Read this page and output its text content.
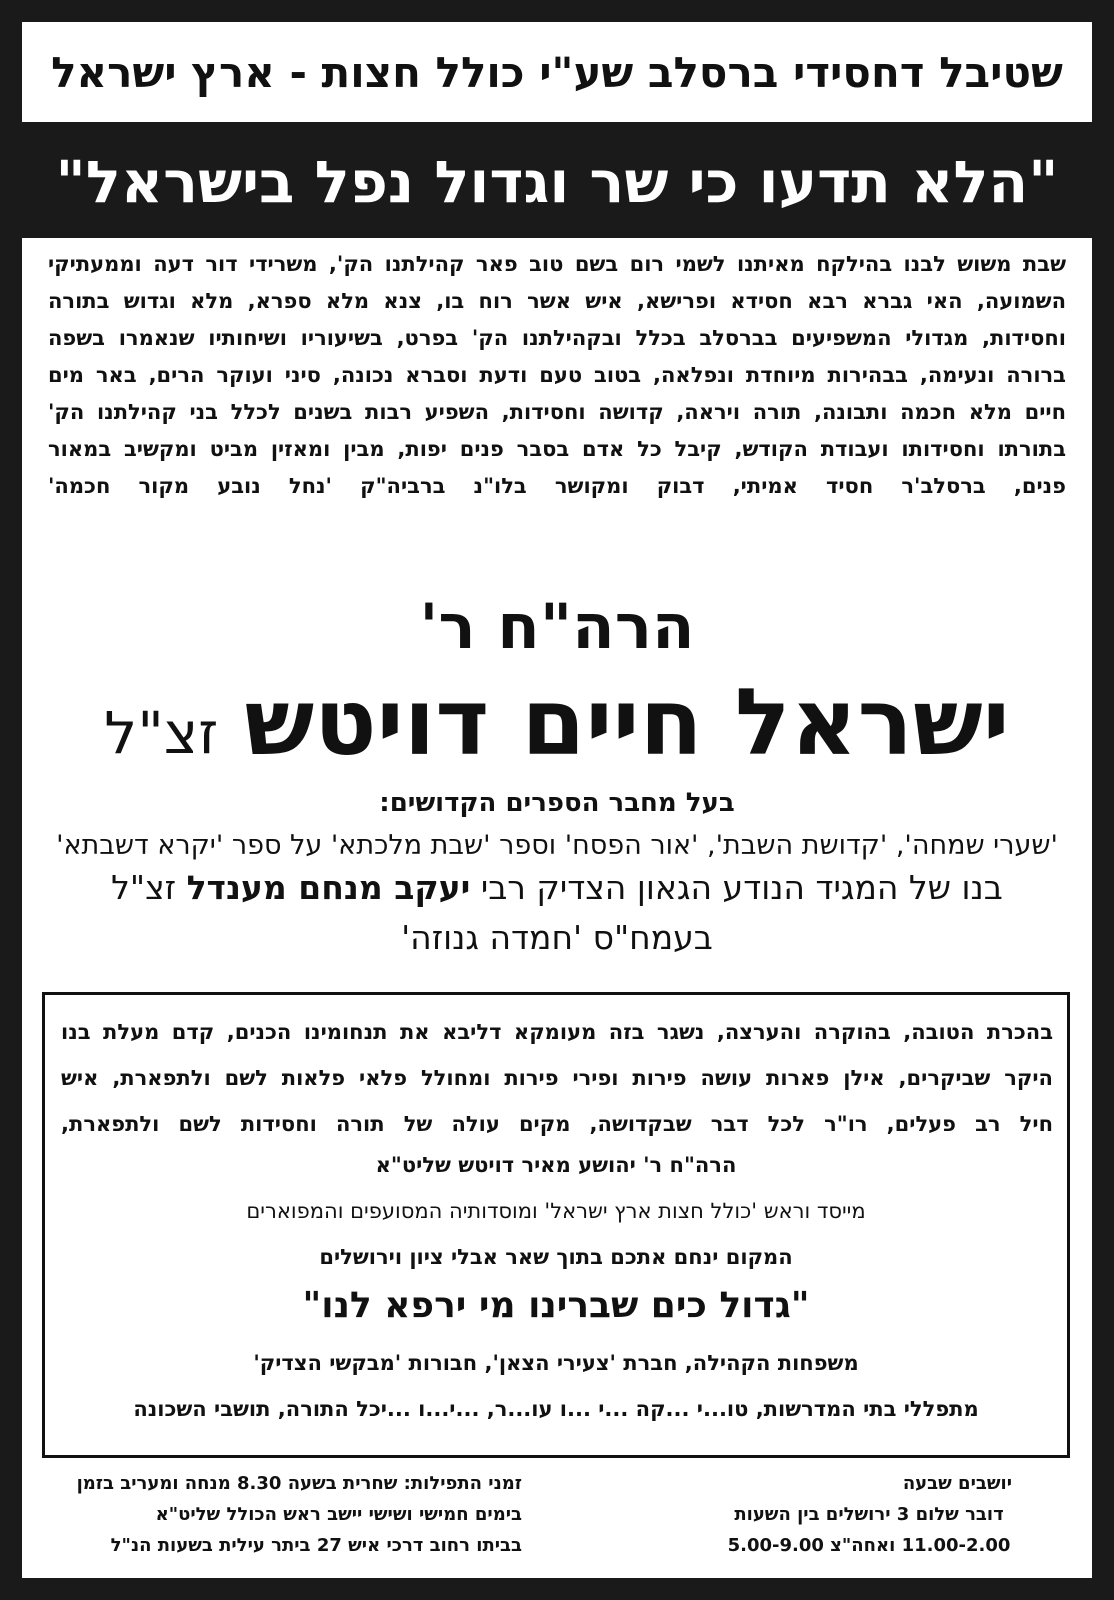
שטיבל דחסידי ברסלב שע"י כולל חצות - ארץ ישראל
"הלא תדעו כי שר וגדול נפל בישראל"
שבת משוש לבנו בהילקח מאיתנו לשמי רום בשם טוב פאר קהילתנו הק', משרידי דור דעה וממעתיקי
השמועה, האי גברא רבא חסידא ופרישא, איש אשר רוח בו, צנא מלא ספרא, מלא וגדוש בתורה
וחסידות, מגדולי המשפיעים בברסלב בכלל ובקהילתנו הק' בפרט, בשיעוריו ושיחותיו שנאמרו בשפה
ברורה ונעימה, בבהירות מיוחדת ונפלאה, בטוב טעם ודעת וסברא נכונה, סיני ועוקר הרים, באר מים
חיים מלא חכמה ותבונה, תורה ויראה, קדושה וחסידות, השפיע רבות בשנים לכלל בני קהילתנו הק'
בתורתו וחסידותו ועבודת הקודש, קיבל כל אדם בסבר פנים יפות, מבין ומאזין מביט ומקשיב במאור
פנים, ברסלב'ר חסיד אמיתי, דבוק ומקושר בלו"נ ברביה"ק 'נחל נובע מקור חכמה'
הרה"ח ר'
ישראל חיים דויטש
זצ"ל
בעל מחבר הספרים הקדושים:
'שערי שמחה', 'קדושת השבת', 'אור הפסח' וספר 'שבת מלכתא' על ספר 'יקרא דשבתא'
בנו של המגיד הנודע הגאון הצדיק רבי יעקב מנחם מענדל זצ"ל
בעמח"ס 'חמדה גנוזה'
בהכרת הטובה, בהוקרה והערצה, נשגר בזה מעומקא דליבא את תנחומינו הכנים, קדם מעלת בנו
היקר שביקרים, אילן פארות עושה פירות ופירי פירות ומחולל פלאי פלאות לשם ולתפארת, איש
חיל רב פעלים, רו"ר לכל דבר שבקדושה, מקים עולה של תורה וחסידות לשם ולתפארת,
הרה"ח ר' יהושע מאיר דויטש שליט"א
מייסד וראש 'כולל חצות ארץ ישראל' ומוסדותיה המסועפים והמפוארים
המקום ינחם אתכם בתוך שאר אבלי ציון וירושלים
"גדול כים שברינו מי ירפא לנו"
משפחות הקהילה, חברת 'צעירי הצאן', חבורות 'מבקשי הצדיק'
מתפללי בתי המדרשות, טו...י ...קה ...י ...ו עו...ר, ...י...ו ...יכל התורה, תושבי השכונה
זמני התפילות: שחרית בשעה 8.30 מנחה ומעריב בזמן
בימים חמישי ושישי יישב ראש הכולל שליט"א
בביתו רחוב דרכי איש 27 ביתר עילית בשעות הנ"ל
יושבים שבעה
דובר שלום 3 ירושלים בין השעות
11.00-2.00 ואחה"צ 5.00-9.00
